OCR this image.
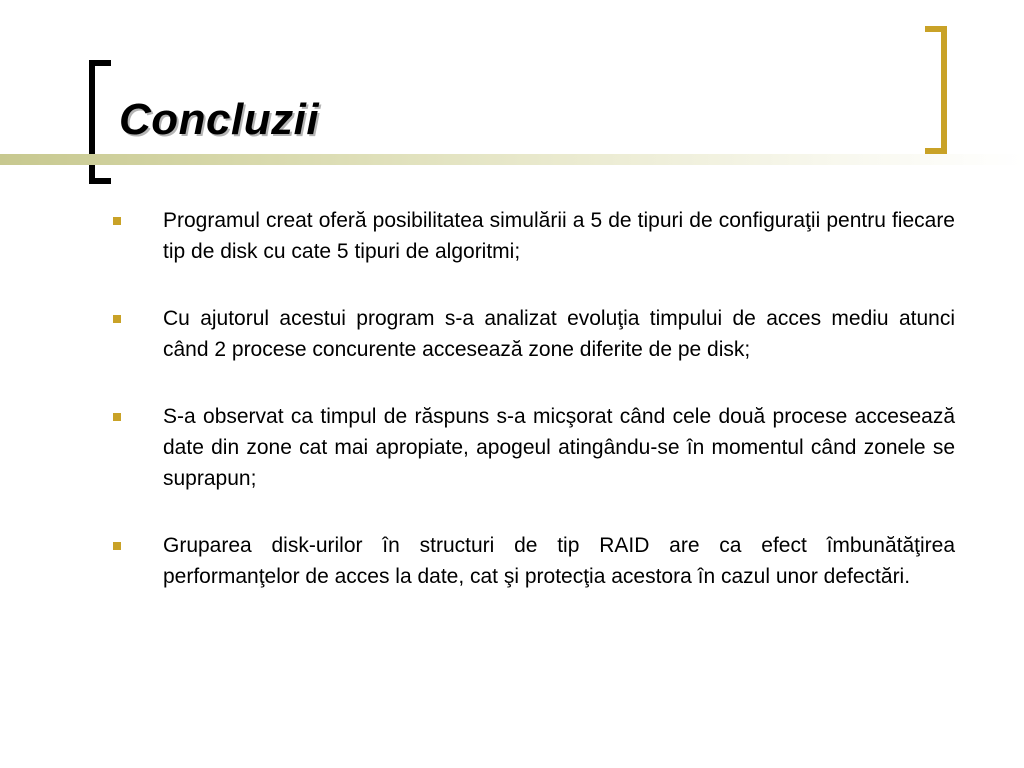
Concluzii
Programul creat oferă posibilitatea simulării a 5 de tipuri de configuraţii pentru fiecare tip de disk cu cate 5 tipuri de algoritmi;
Cu ajutorul acestui program s-a analizat evoluţia timpului de acces mediu atunci când 2 procese concurente accesează zone diferite de pe disk;
S-a observat ca timpul de răspuns s-a micşorat când cele două procese accesează date din zone cat mai apropiate, apogeul atingându-se în momentul când zonele se suprapun;
Gruparea disk-urilor în structuri de tip RAID are ca efect îmbunătăţirea performanţelor de acces la date, cat şi protecţia acestora în cazul unor defectări.
